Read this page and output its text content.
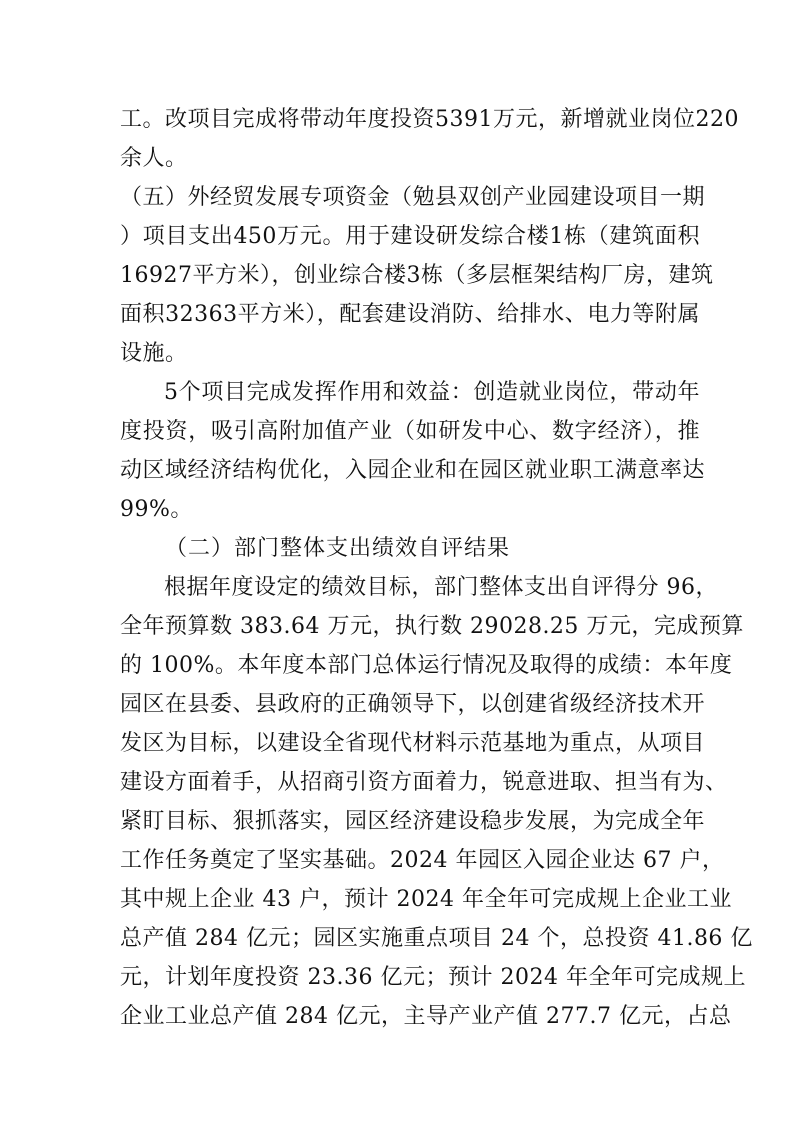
工。改项目完成将带动年度投资5391万元，新增就业岗位220
余人。
（五）外经贸发展专项资金（勉县双创产业园建设项目一期
）项目支出450万元。用于建设研发综合楼1栋（建筑面积
16927平方米），创业综合楼3栋（多层框架结构厂房，建筑
面积32363平方米），配套建设消防、给排水、电力等附属
设施。
5个项目完成发挥作用和效益：创造就业岗位，带动年
度投资，吸引高附加值产业（如研发中心、数字经济），推
动区域经济结构优化，入园企业和在园区就业职工满意率达
99%。
（二）部门整体支出绩效自评结果
根据年度设定的绩效目标，部门整体支出自评得分 96，
全年预算数 383.64 万元，执行数 29028.25 万元，完成预算
的 100%。本年度本部门总体运行情况及取得的成绩：本年度
园区在县委、县政府的正确领导下，以创建省级经济技术开
发区为目标，以建设全省现代材料示范基地为重点，从项目
建设方面着手，从招商引资方面着力，锐意进取、担当有为、
紧盯目标、狠抓落实，园区经济建设稳步发展，为完成全年
工作任务奠定了坚实基础。2024 年园区入园企业达 67 户，
其中规上企业 43 户，预计 2024 年全年可完成规上企业工业
总产值 284 亿元；园区实施重点项目 24 个，总投资 41.86 亿
元，计划年度投资 23.36 亿元；预计 2024 年全年可完成规上
企业工业总产值 284 亿元，主导产业产值 277.7 亿元，占总
